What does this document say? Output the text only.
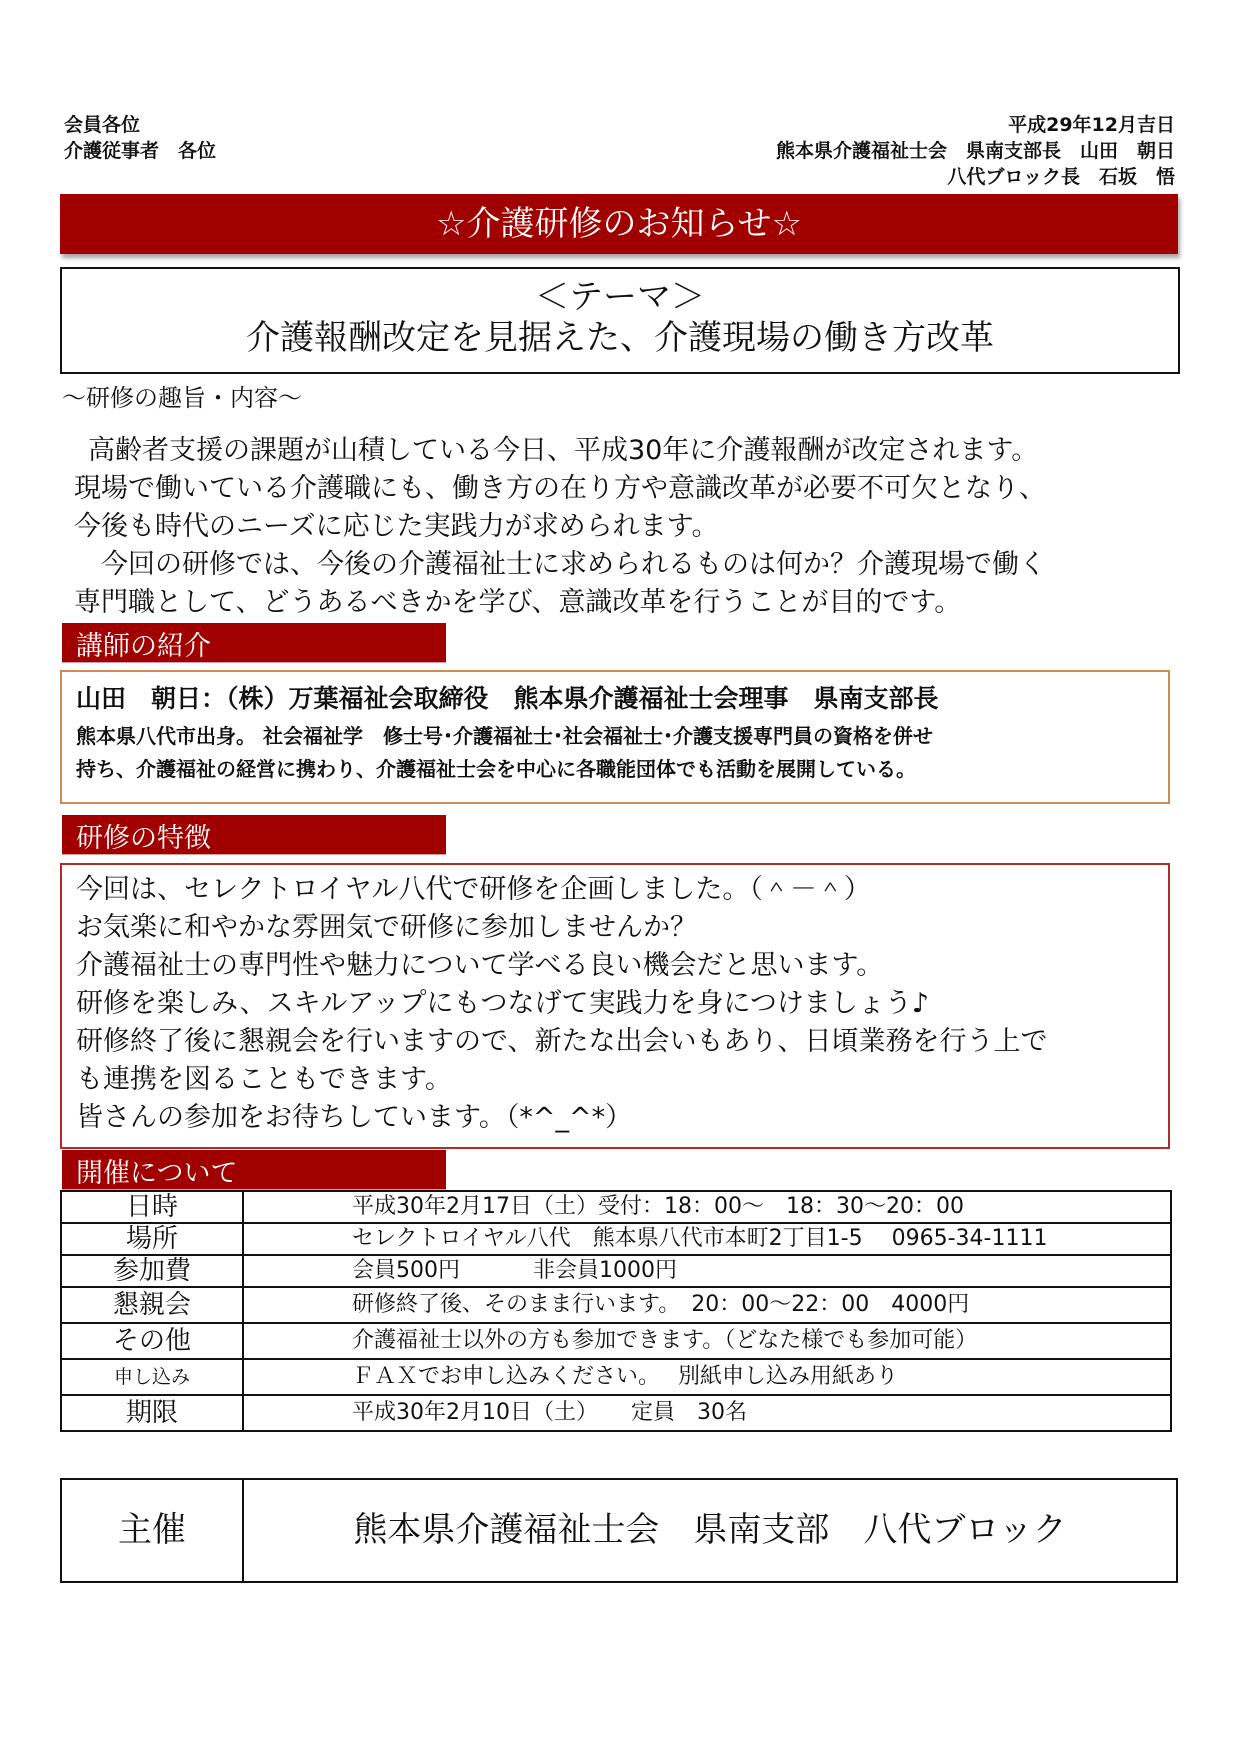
会員各位
介護従事者　各位
平成29年12月吉日
熊本県介護福祉士会　県南支部長　山田　朝日
八代ブロック長　石坂　悟
☆介護研修のお知らせ☆
＜テーマ＞
介護報酬改定を見据えた、介護現場の働き方改革
～研修の趣旨・内容～
高齢者支援の課題が山積している今日、平成30年に介護報酬が改定されます。
現場で働いている介護職にも、働き方の在り方や意識改革が必要不可欠となり、
今後も時代のニーズに応じた実践力が求められます。
　今回の研修では、今後の介護福祉士に求められるものは何か？介護現場で働く
専門職として、どうあるべきかを学び、意識改革を行うことが目的です。
講師の紹介
山田　朝日：（株）万葉福祉会取締役　熊本県介護福祉士会理事　県南支部長
熊本県八代市出身。 社会福祉学　修士号･介護福祉士･社会福祉士･介護支援専門員の資格を併せ
持ち、介護福祉の経営に携わり、介護福祉士会を中心に各職能団体でも活動を展開している。
研修の特徴
今回は、セレクトロイヤル八代で研修を企画しました。（＾－＾）
お気楽に和やかな雰囲気で研修に参加しませんか？
介護福祉士の専門性や魅力について学べる良い機会だと思います。
研修を楽しみ、スキルアップにもつなげて実践力を身につけましょう♪
研修終了後に懇親会を行いますので、新たな出会いもあり、日頃業務を行う上で
も連携を図ることもできます。
皆さんの参加をお待ちしています。（*^_^*）
開催について
日時	平成30年2月17日（土）受付：18：00～　18：30～20：00
場所	セレクトロイヤル八代　熊本県八代市本町2丁目1-5　 0965-34-1111
参加費	会員500円　　　 非会員1000円
懇親会	研修終了後、そのまま行います。　20：00～22：00　4000円
その他	介護福祉士以外の方も参加できます。（どなた様でも参加可能）
申し込み	ＦＡＸでお申し込みください。　 別紙申し込み用紙あり
期限	平成30年2月10日（土）　　定員　30名
主催	熊本県介護福祉士会　県南支部　八代ブロック
